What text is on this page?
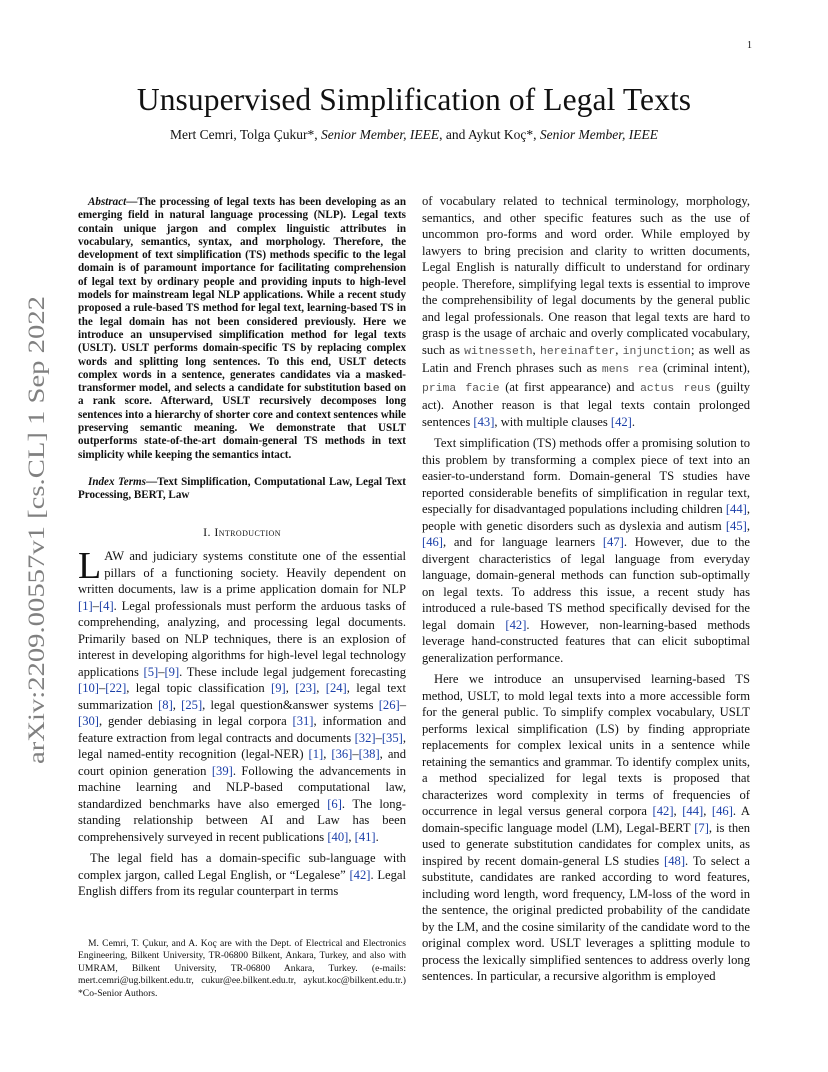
1
arXiv:2209.00557v1 [cs.CL] 1 Sep 2022
Unsupervised Simplification of Legal Texts
Mert Cemri, Tolga Çukur*, Senior Member, IEEE, and Aykut Koç*, Senior Member, IEEE

Abstract—The processing of legal texts has been developing as an emerging field in natural language processing (NLP). Legal texts contain unique jargon and complex linguistic attributes in vocabulary, semantics, syntax, and morphology. Therefore, the development of text simplification (TS) methods specific to the legal domain is of paramount importance for facilitating comprehension of legal text by ordinary people and providing inputs to high-level models for mainstream legal NLP applications. While a recent study proposed a rule-based TS method for legal text, learning-based TS in the legal domain has not been considered previously. Here we introduce an unsupervised simplification method for legal texts (USLT). USLT performs domain-specific TS by replacing complex words and splitting long sentences. To this end, USLT detects complex words in a sentence, generates candidates via a masked-transformer model, and selects a candidate for substitution based on a rank score. Afterward, USLT recursively decomposes long sentences into a hierarchy of shorter core and context sentences while preserving semantic meaning. We demonstrate that USLT outperforms state-of-the-art domain-general TS methods in text simplicity while keeping the semantics intact.

Index Terms—Text Simplification, Computational Law, Legal Text Processing, BERT, Law

I. Introduction

LAW and judiciary systems constitute one of the essential pillars of a functioning society. Heavily dependent on written documents, law is a prime application domain for NLP [1]–[4]. Legal professionals must perform the arduous tasks of comprehending, analyzing, and processing legal documents. Primarily based on NLP techniques, there is an explosion of interest in developing algorithms for high-level legal technology applications [5]–[9]. These include legal judgement forecasting [10]–[22], legal topic classification [9], [23], [24], legal text summarization [8], [25], legal question&answer systems [26]–[30], gender debiasing in legal corpora [31], information and feature extraction from legal contracts and documents [32]–[35], legal named-entity recognition (legal-NER) [1], [36]–[38], and court opinion generation [39]. Following the advancements in machine learning and NLP-based computational law, standardized benchmarks have also emerged [6]. The long-standing relationship between AI and Law has been comprehensively surveyed in recent publications [40], [41].

The legal field has a domain-specific sub-language with complex jargon, called Legal English, or “Legalese” [42]. Legal English differs from its regular counterpart in terms

M. Cemri, T. Çukur, and A. Koç are with the Dept. of Electrical and Electronics Engineering, Bilkent University, TR-06800 Bilkent, Ankara, Turkey, and also with UMRAM, Bilkent University, TR-06800 Ankara, Turkey. (e-mails: mert.cemri@ug.bilkent.edu.tr, cukur@ee.bilkent.edu.tr, aykut.koc@bilkent.edu.tr.) *Co-Senior Authors.

of vocabulary related to technical terminology, morphology, semantics, and other specific features such as the use of uncommon pro-forms and word order. While employed by lawyers to bring precision and clarity to written documents, Legal English is naturally difficult to understand for ordinary people. Therefore, simplifying legal texts is essential to improve the comprehensibility of legal documents by the general public and legal professionals. One reason that legal texts are hard to grasp is the usage of archaic and overly complicated vocabulary, such as witnesseth, hereinafter, injunction; as well as Latin and French phrases such as mens rea (criminal intent), prima facie (at first appearance) and actus reus (guilty act). Another reason is that legal texts contain prolonged sentences [43], with multiple clauses [42].

Text simplification (TS) methods offer a promising solution to this problem by transforming a complex piece of text into an easier-to-understand form. Domain-general TS studies have reported considerable benefits of simplification in regular text, especially for disadvantaged populations including children [44], people with genetic disorders such as dyslexia and autism [45], [46], and for language learners [47]. However, due to the divergent characteristics of legal language from everyday language, domain-general methods can function sub-optimally on legal texts. To address this issue, a recent study has introduced a rule-based TS method specifically devised for the legal domain [42]. However, non-learning-based methods leverage hand-constructed features that can elicit suboptimal generalization performance.

Here we introduce an unsupervised learning-based TS method, USLT, to mold legal texts into a more accessible form for the general public. To simplify complex vocabulary, USLT performs lexical simplification (LS) by finding appropriate replacements for complex lexical units in a sentence while retaining the semantics and grammar. To identify complex units, a method specialized for legal texts is proposed that characterizes word complexity in terms of frequencies of occurrence in legal versus general corpora [42], [44], [46]. A domain-specific language model (LM), Legal-BERT [7], is then used to generate substitution candidates for complex units, as inspired by recent domain-general LS studies [48]. To select a substitute, candidates are ranked according to word features, including word length, word frequency, LM-loss of the word in the sentence, the original predicted probability of the candidate by the LM, and the cosine similarity of the candidate word to the original complex word. USLT leverages a splitting module to process the lexically simplified sentences to address overly long sentences. In particular, a recursive algorithm is employed
